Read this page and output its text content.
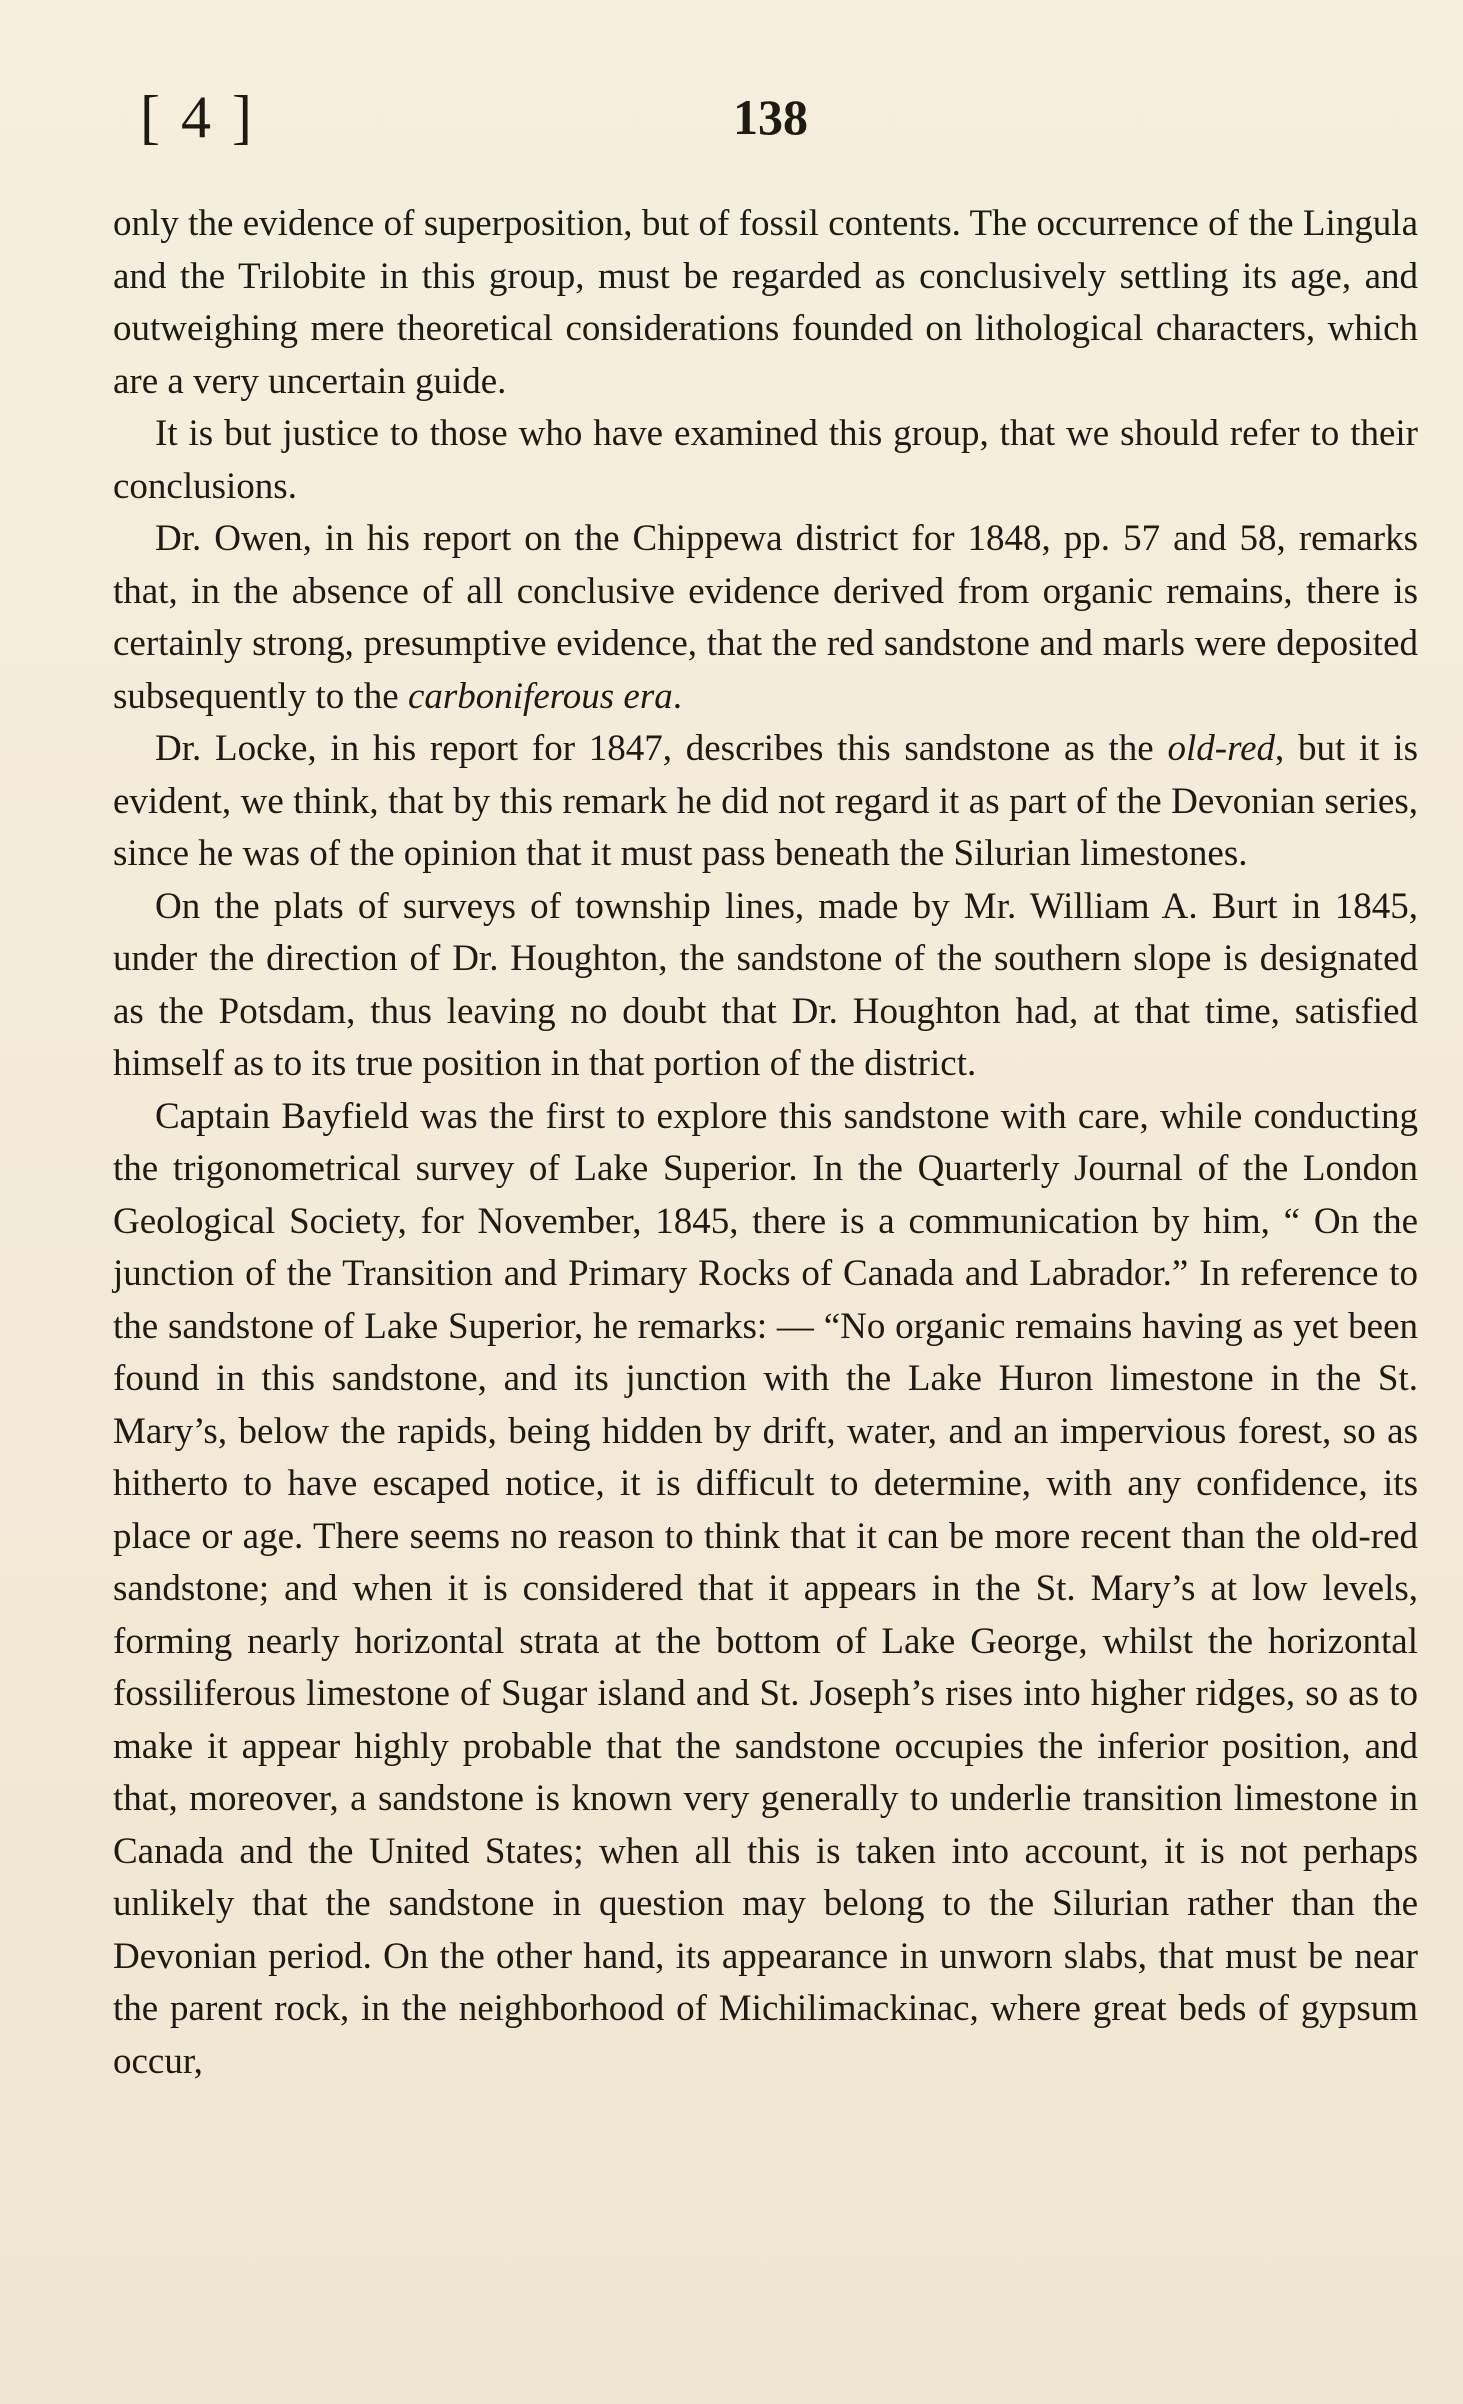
[ 4 ]	138

only the evidence of superposition, but of fossil contents. The occurrence of the Lingula and the Trilobite in this group, must be regarded as conclusively settling its age, and outweighing mere theoretical considerations founded on lithological characters, which are a very uncertain guide.

It is but justice to those who have examined this group, that we should refer to their conclusions.

Dr. Owen, in his report on the Chippewa district for 1848, pp. 57 and 58, remarks that, in the absence of all conclusive evidence derived from organic remains, there is certainly strong, presumptive evidence, that the red sandstone and marls were deposited subsequently to the carboniferous era.

Dr. Locke, in his report for 1847, describes this sandstone as the old-red, but it is evident, we think, that by this remark he did not regard it as part of the Devonian series, since he was of the opinion that it must pass beneath the Silurian limestones.

On the plats of surveys of township lines, made by Mr. William A. Burt in 1845, under the direction of Dr. Houghton, the sandstone of the southern slope is designated as the Potsdam, thus leaving no doubt that Dr. Houghton had, at that time, satisfied himself as to its true position in that portion of the district.

Captain Bayfield was the first to explore this sandstone with care, while conducting the trigonometrical survey of Lake Superior. In the Quarterly Journal of the London Geological Society, for November, 1845, there is a communication by him, “ On the junction of the Transition and Primary Rocks of Canada and Labrador.” In reference to the sandstone of Lake Superior, he remarks: — “No organic remains having as yet been found in this sandstone, and its junction with the Lake Huron limestone in the St. Mary’s, below the rapids, being hidden by drift, water, and an impervious forest, so as hitherto to have escaped notice, it is difficult to determine, with any confidence, its place or age. There seems no reason to think that it can be more recent than the old-red sandstone; and when it is considered that it appears in the St. Mary’s at low levels, forming nearly horizontal strata at the bottom of Lake George, whilst the horizontal fossiliferous limestone of Sugar island and St. Joseph’s rises into higher ridges, so as to make it appear highly probable that the sandstone occupies the inferior position, and that, moreover, a sandstone is known very generally to underlie transition limestone in Canada and the United States; when all this is taken into account, it is not perhaps unlikely that the sandstone in question may belong to the Silurian rather than the Devonian period. On the other hand, its appearance in unworn slabs, that must be near the parent rock, in the neighborhood of Michilimackinac, where great beds of gypsum occur,
